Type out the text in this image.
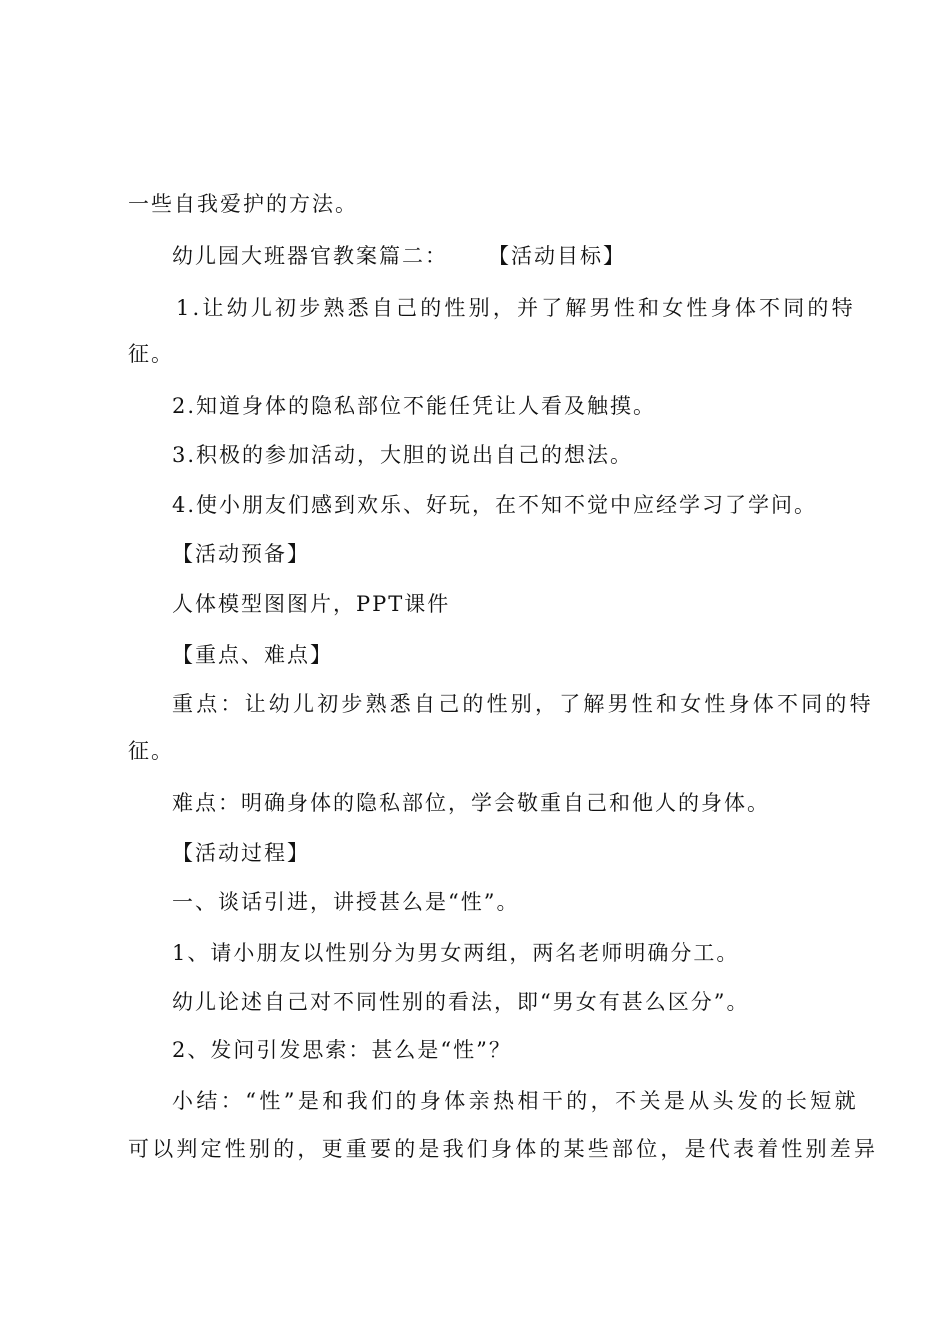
一些自我爱护的方法。
幼儿园大班器官教案篇二： 【活动目标】
1.让幼儿初步熟悉自己的性别，并了解男性和女性身体不同的特
征。
2.知道身体的隐私部位不能任凭让人看及触摸。
3.积极的参加活动，大胆的说出自己的想法。
4.使小朋友们感到欢乐、好玩，在不知不觉中应经学习了学问。
【活动预备】
人体模型图图片，PPT课件
【重点、难点】
重点：让幼儿初步熟悉自己的性别，了解男性和女性身体不同的特
征。
难点：明确身体的隐私部位，学会敬重自己和他人的身体。
【活动过程】
一、谈话引进，讲授甚么是“性”。
1、请小朋友以性别分为男女两组，两名老师明确分工。
幼儿论述自己对不同性别的看法，即“男女有甚么区分”。
2、发问引发思索：甚么是“性”？
小结：“性”是和我们的身体亲热相干的，不关是从头发的长短就
可以判定性别的，更重要的是我们身体的某些部位，是代表着性别差异
